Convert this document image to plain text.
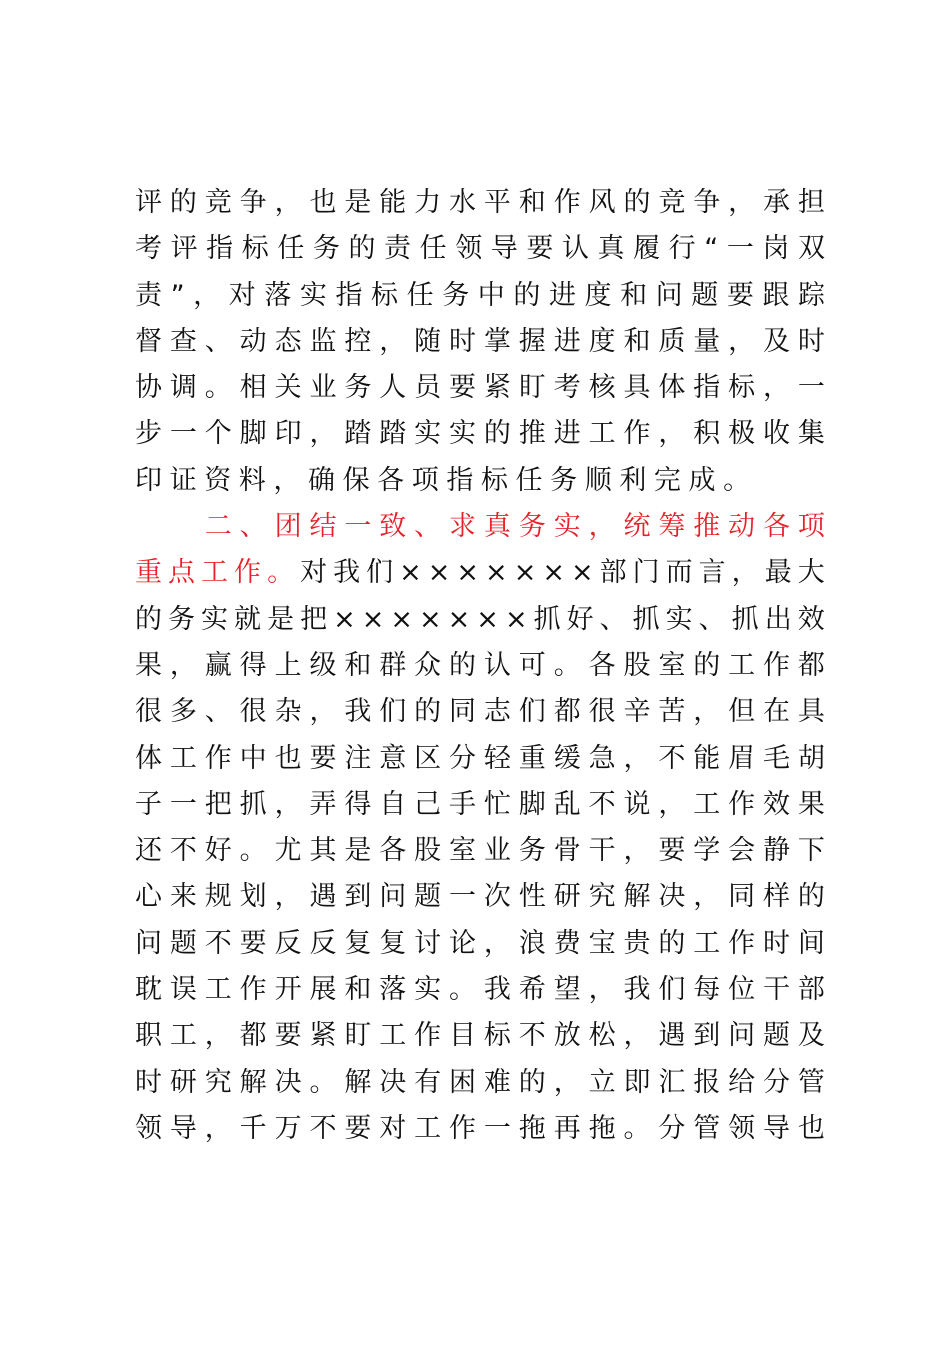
评 的 竞 争 ， 也 是 能 力 水 平 和 作 风 的 竞 争 ， 承 担
考 评 指 标 任 务 的 责 任 领 导 要 认 真 履 行 “ 一 岗 双
责 ” ， 对 落 实 指 标 任 务 中 的 进 度 和 问 题 要 跟 踪
督 查 、 动 态 监 控 ， 随 时 掌 握 进 度 和 质 量 ， 及 时
协 调 。 相 关 业 务 人 员 要 紧 盯 考 核 具 体 指 标 ， 一
步 一 个 脚 印 ， 踏 踏 实 实 的 推 进 工 作 ， 积 极 收 集
印 证 资 料 ， 确 保 各 项 指 标 任 务 顺 利 完 成 。

二 、 团 结 一 致 、 求 真 务 实 ， 统 筹 推 动 各 项
重 点 工 作 。 对 我 们 × × × × × × × 部 门 而 言 ， 最 大
的 务 实 就 是 把 × × × × × × × 抓 好 、 抓 实 、 抓 出 效
果 ， 赢 得 上 级 和 群 众 的 认 可 。 各 股 室 的 工 作 都
很 多 、 很 杂 ， 我 们 的 同 志 们 都 很 辛 苦 ， 但 在 具
体 工 作 中 也 要 注 意 区 分 轻 重 缓 急 ， 不 能 眉 毛 胡
子 一 把 抓 ， 弄 得 自 己 手 忙 脚 乱 不 说 ， 工 作 效 果
还 不 好 。 尤 其 是 各 股 室 业 务 骨 干 ， 要 学 会 静 下
心 来 规 划 ， 遇 到 问 题 一 次 性 研 究 解 决 ， 同 样 的
问 题 不 要 反 反 复 复 讨 论 ， 浪 费 宝 贵 的 工 作 时 间
耽 误 工 作 开 展 和 落 实 。 我 希 望 ， 我 们 每 位 干 部
职 工 ， 都 要 紧 盯 工 作 目 标 不 放 松 ， 遇 到 问 题 及
时 研 究 解 决 。 解 决 有 困 难 的 ， 立 即 汇 报 给 分 管
领 导 ， 千 万 不 要 对 工 作 一 拖 再 拖 。 分 管 领 导 也
